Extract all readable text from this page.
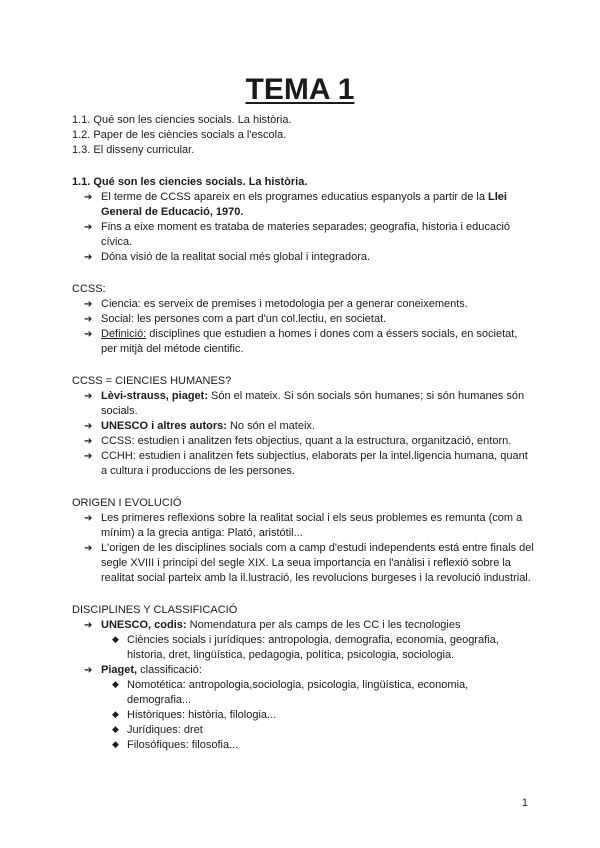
TEMA 1
1.1. Qué son les ciencies socials. La història.
1.2. Paper de les ciències socials a l'escola.
1.3. El disseny curricular.
1.1. Qué son les ciencies socials. La història.
➔ El terme de CCSS apareix en els programes educatius espanyols a partir de la Llei General de Educació, 1970.
➔ Fins a eixe moment es trataba de materies separades; geografia, historia i educació cívica.
➔ Dóna visió de la realitat social més global i integradora.
CCSS:
➔ Ciencia: es serveix de premises i metodologia per a generar coneixements.
➔ Social: les persones com a part d'un col.lectiu, en societat.
➔ Definició: disciplines que estudien a homes i dones com a éssers socials, en societat, per mitjà del métode cientific.
CCSS = CIENCIES HUMANES?
➔ Lèvi-strauss, piaget: Són el mateix. Si són socials són humanes; si són humanes són socials.
➔ UNESCO i altres autors: No són el mateix.
➔ CCSS: estudien i analitzen fets objectius, quant a la estructura, organització, entorn.
➔ CCHH: estudien i analitzen fets subjectius, elaborats per la intel.ligencia humana, quant a cultura i produccions de les persones.
ORIGEN I EVOLUCIÓ
➔ Les primeres reflexions sobre la realitat social i els seus problemes es remunta (com a mínim) a la grecia antiga: Plató, aristótil...
➔ L'origen de les disciplines socials com a camp d'estudi independents está entre finals del segle XVIII i principi del segle XIX. La seua importancia en l'anàlisi i reflexió sobre la realitat social parteix amb la il.lustració, les revolucions burgeses i la revolució industrial.
DISCIPLINES Y CLASSIFICACIÓ
➔ UNESCO, codis: Nomendatura per als camps de les CC i les tecnologies
◆ Ciències socials i jurídiques: antropologia, demografia, economia, geografia, historia, dret, lingüística, pedagogia, política, psicologia, sociologia.
➔ Piaget, classificació:
◆ Nomotética: antropologia,sociologia, psicologia, lingüística, economia, demografia...
◆ Històriques: història, filologia...
◆ Jurídiques: dret
◆ Filosófiques: filosofia...
1
